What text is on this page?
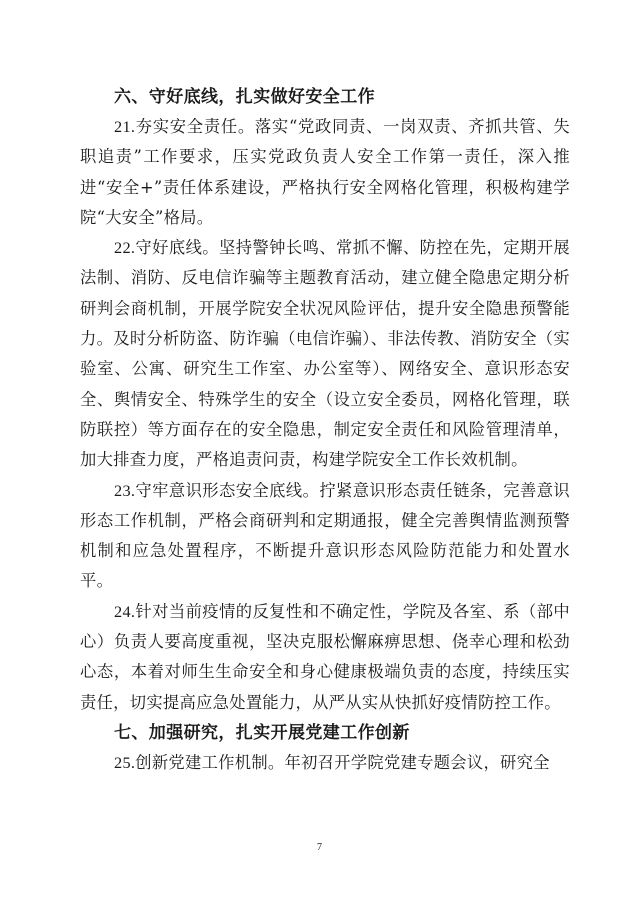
六、守好底线，扎实做好安全工作

21.夯实安全责任。落实“党政同责、一岗双责、齐抓共管、失职追责”工作要求，压实党政负责人安全工作第一责任，深入推进“安全+”责任体系建设，严格执行安全网格化管理，积极构建学院“大安全”格局。

22.守好底线。坚持警钟长鸣、常抓不懈、防控在先，定期开展法制、消防、反电信诈骗等主题教育活动，建立健全隐患定期分析研判会商机制，开展学院安全状况风险评估，提升安全隐患预警能力。及时分析防盗、防诈骗（电信诈骗）、非法传教、消防安全（实验室、公寓、研究生工作室、办公室等）、网络安全、意识形态安全、舆情安全、特殊学生的安全（设立安全委员，网格化管理，联防联控）等方面存在的安全隐患，制定安全责任和风险管理清单，加大排查力度，严格追责问责，构建学院安全工作长效机制。

23.守牢意识形态安全底线。拧紧意识形态责任链条，完善意识形态工作机制，严格会商研判和定期通报，健全完善舆情监测预警机制和应急处置程序，不断提升意识形态风险防范能力和处置水平。

24.针对当前疫情的反复性和不确定性，学院及各室、系（部中心）负责人要高度重视，坚决克服松懈麻痹思想、侥幸心理和松劲心态，本着对师生生命安全和身心健康极端负责的态度，持续压实责任，切实提高应急处置能力，从严从实从快抓好疫情防控工作。

七、加强研究，扎实开展党建工作创新

25.创新党建工作机制。年初召开学院党建专题会议，研究全

7
